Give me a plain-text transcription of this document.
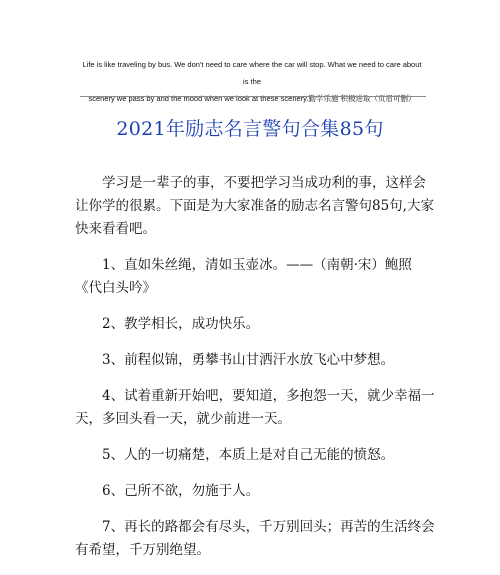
Life is like traveling by bus. We don't need to care where the car will stop. What we need to care about is the
scenery we pass by and the mood when we look at these scenery.勤学乐施 积极进取（页眉可删）
2021年励志名言警句合集85句

学习是一辈子的事，不要把学习当成功利的事，这样会让你学的很累。下面是为大家准备的励志名言警句85句,大家快来看看吧。

1、直如朱丝绳，清如玉壶冰。——（南朝·宋）鲍照《代白头吟》

2、教学相长，成功快乐。

3、前程似锦，勇攀书山甘洒汗水放飞心中梦想。

4、试着重新开始吧，要知道，多抱怨一天，就少幸福一天，多回头看一天，就少前进一天。

5、人的一切痛楚，本质上是对自己无能的愤怒。

6、己所不欲，勿施于人。

7、再长的路都会有尽头，千万别回头；再苦的生活终会有希望，千万别绝望。
